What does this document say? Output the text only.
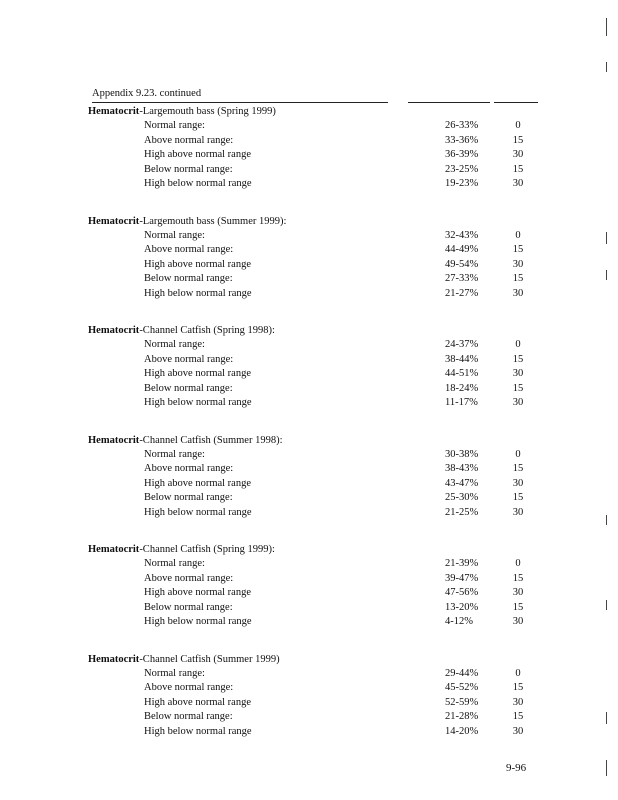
Appendix 9.23. continued
Hematocrit-Largemouth bass (Spring 1999)
Normal range:	26-33%	0
Above normal range:	33-36%	15
High above normal range	36-39%	30
Below normal range:	23-25%	15
High below normal range	19-23%	30
Hematocrit-Largemouth bass (Summer 1999):
Normal range:	32-43%	0
Above normal range:	44-49%	15
High above normal range	49-54%	30
Below normal range:	27-33%	15
High below normal range	21-27%	30
Hematocrit-Channel Catfish (Spring 1998):
Normal range:	24-37%	0
Above normal range:	38-44%	15
High above normal range	44-51%	30
Below normal range:	18-24%	15
High below normal range	11-17%	30
Hematocrit-Channel Catfish (Summer 1998):
Normal range:	30-38%	0
Above normal range:	38-43%	15
High above normal range	43-47%	30
Below normal range:	25-30%	15
High below normal range	21-25%	30
Hematocrit-Channel Catfish (Spring 1999):
Normal range:	21-39%	0
Above normal range:	39-47%	15
High above normal range	47-56%	30
Below normal range:	13-20%	15
High below normal range	4-12%	30
Hematocrit-Channel Catfish (Summer 1999)
Normal range:	29-44%	0
Above normal range:	45-52%	15
High above normal range	52-59%	30
Below normal range:	21-28%	15
High below normal range	14-20%	30
9-96
